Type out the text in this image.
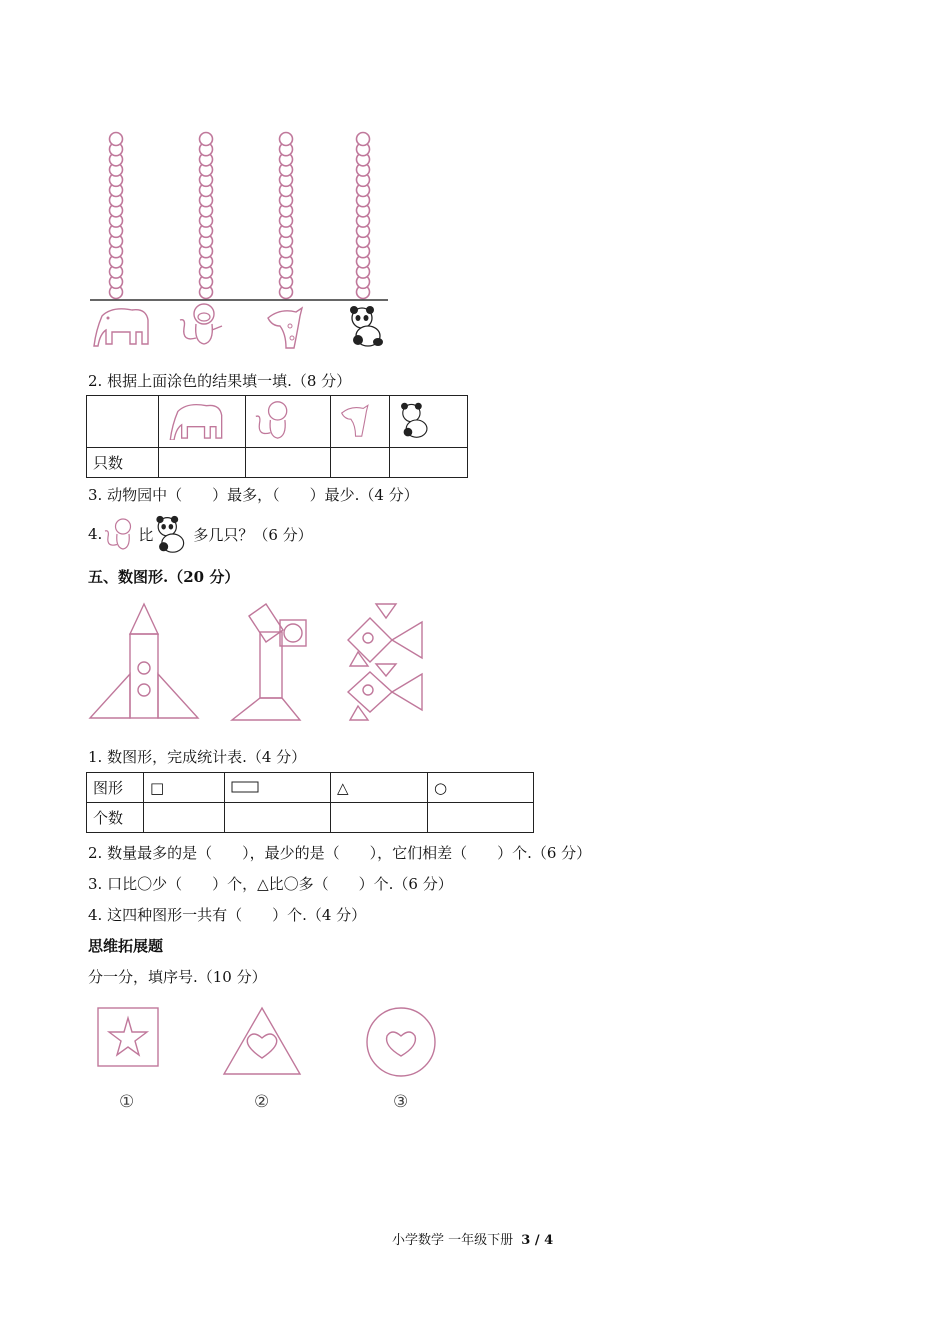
2. 根据上面涂色的结果填一填.（8 分）

只数				
3. 动物园中（　　）最多，（　　）最少.（4 分）
4. 比	多几只？（6 分）
五、数图形.（20 分）
1. 数图形，完成统计表.（4 分）
图形	□		△	○
个数				
2. 数量最多的是（　　），最少的是（　　），它们相差（　　）个.（6 分）
3. 口比〇少（　　）个，△比〇多（　　）个.（6 分）
4. 这四种图形一共有（　　）个.（4 分）
思维拓展题
分一分，填序号.（10 分）
①	②	③
小学数学 一年级下册 3 / 4
